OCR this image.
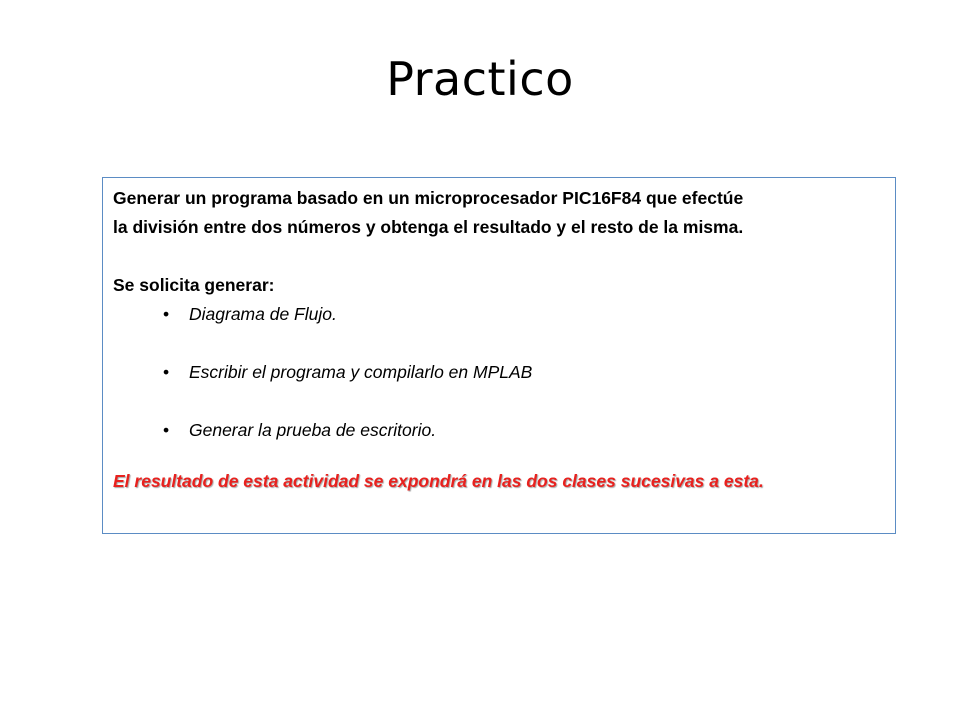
Practico

Generar un programa basado en un microprocesador PIC16F84 que efectúe

la división entre dos números y obtenga el resultado y el resto de la misma.

Se solicita generar:

• Diagrama de Flujo.
• Escribir el programa y compilarlo en MPLAB
• Generar la prueba de escritorio.

El resultado de esta actividad se expondrá en las dos clases sucesivas a esta.
